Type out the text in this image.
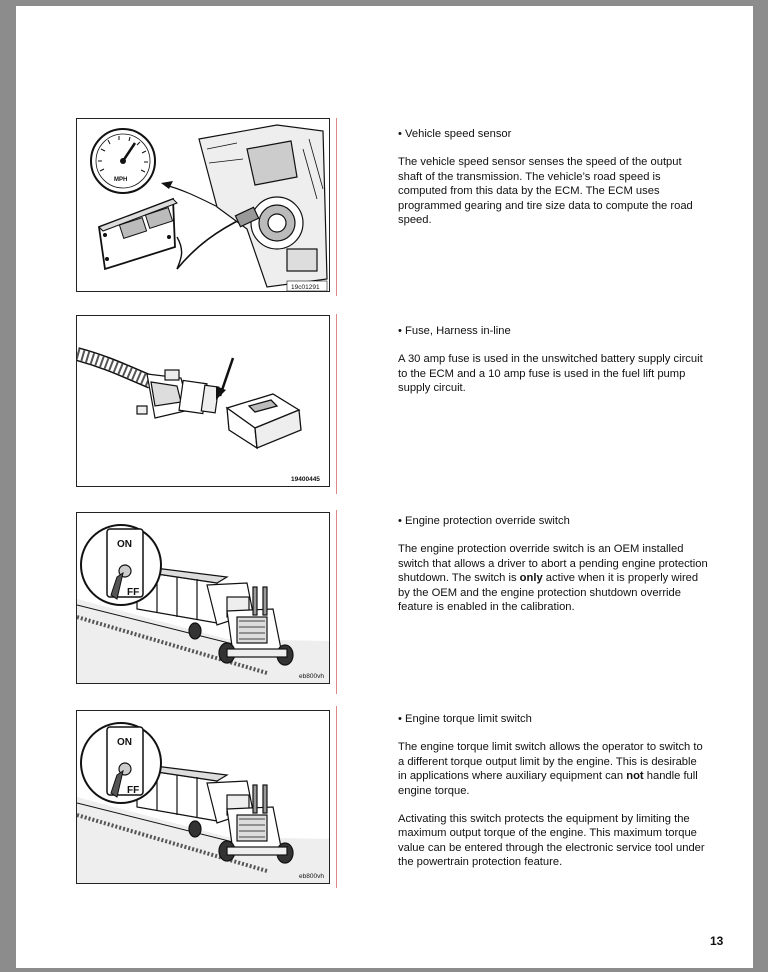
MPH
19c01291

• Vehicle speed sensor

The vehicle speed sensor senses the speed of the output shaft of the transmission. The vehicle’s road speed is computed from this data by the ECM. The ECM uses programmed gearing and tire size data to compute the road speed.

19400445

• Fuse, Harness in-line

A 30 amp fuse is used in the unswitched battery supply circuit to the ECM and a 10 amp fuse is used in the fuel lift pump supply circuit.

ON
FF
eb800vh

• Engine protection override switch

The engine protection override switch is an OEM installed switch that allows a driver to abort a pending engine protection shutdown. The switch is only active when it is properly wired by the OEM and the engine protection shutdown override feature is enabled in the calibration.

ON
FF
eb800vh

• Engine torque limit switch

The engine torque limit switch allows the operator to switch to a different torque output limit by the engine. This is desirable in applications where auxiliary equipment can not handle full engine torque.

Activating this switch protects the equipment by limiting the maximum output torque of the engine. This maximum torque value can be entered through the electronic service tool under the powertrain protection feature.

13
